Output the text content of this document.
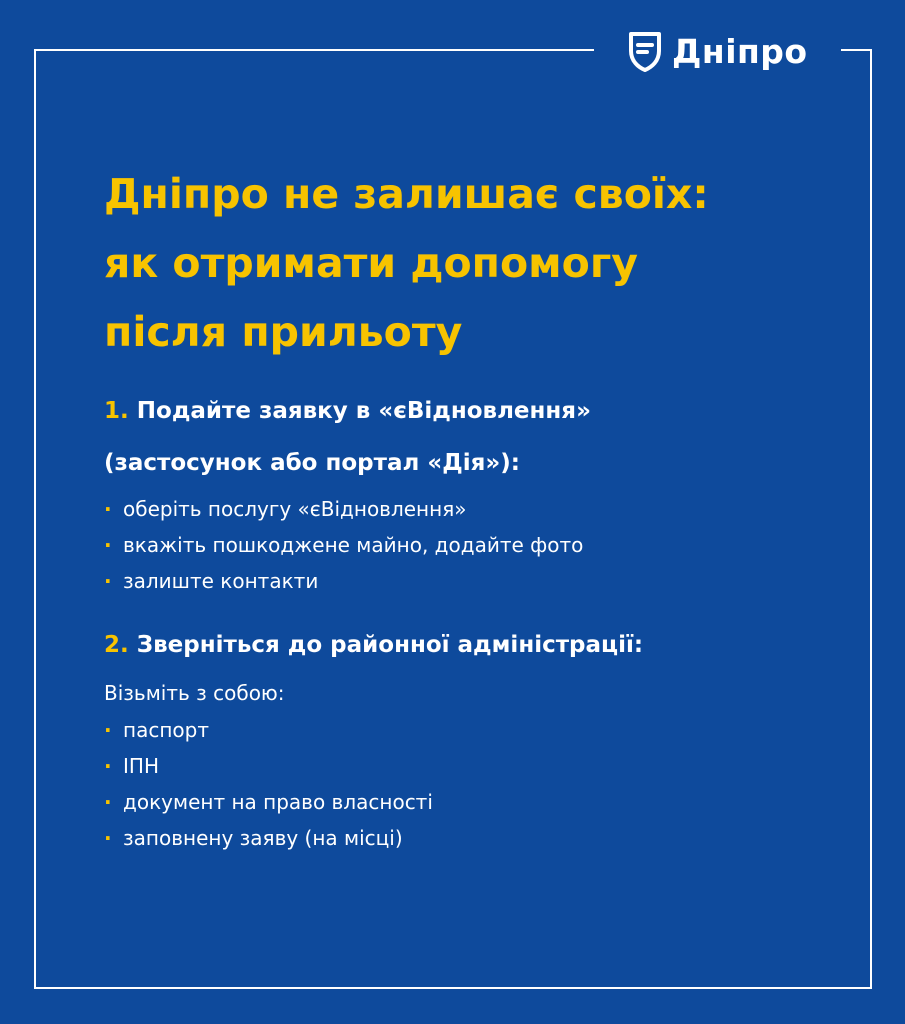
Дніпро
Дніпро не залишає своїх:
як отримати допомогу
після прильоту
1. Подайте заявку в «єВідновлення»
(застосунок або портал «Дія»):
· оберіть послугу «єВідновлення»
· вкажіть пошкоджене майно, додайте фото
· залиште контакти
2. Зверніться до районної адміністрації:
Візьміть з собою:
· паспорт
· ІПН
· документ на право власності
· заповнену заяву (на місці)
